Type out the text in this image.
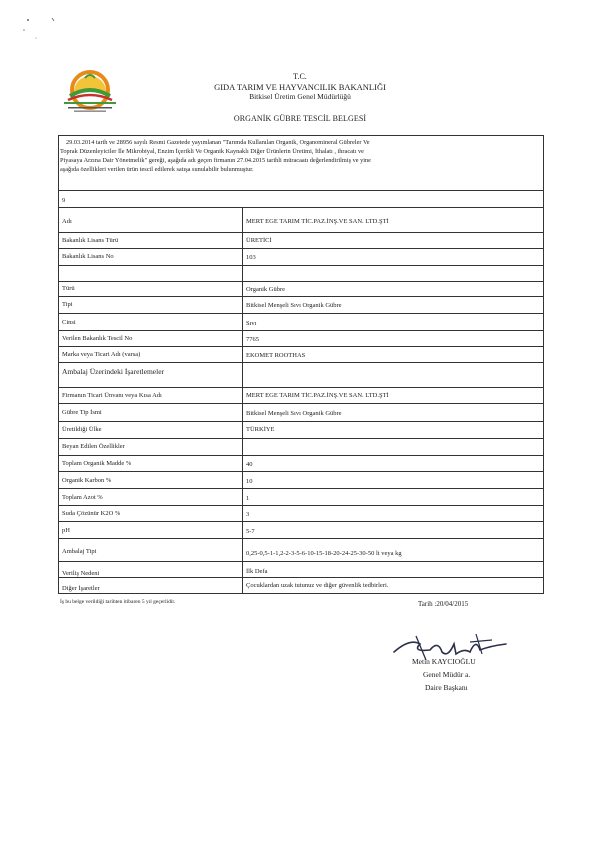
T.C.
GIDA TARIM VE HAYVANCILIK BAKANLIĞI
Bitkisel Üretim Genel Müdürlüğü
ORGANİK GÜBRE TESCİL BELGESİ

29.03.2014 tarih ve 28956 sayılı Resmi Gazetede yayımlanan "Tarımda Kullanılan Organik, Organomineral Gübreler Ve

Toprak Düzenleyiciler İle Mikrobiyal, Enzim İçerikli Ve Organik Kaynaklı Diğer Ürünlerin Üretimi, İthalatı , ihracatı ve
Piyasaya Arzına Dair Yönetmelik" gereği, aşağıda adı geçen firmanın 27.04.2015 tarihli müracaatı değerlendirilmiş ve yine
aşağıda özellikleri verilen ürün tescil edilerek satışa sunulabilir bulunmuştur.
9
Adı	MERT EGE TARIM TİC.PAZ.İNŞ.VE SAN. LTD.ŞTİ
Bakanlık Lisans Türü	ÜRETİCİ
Bakanlık Lisans No	103
Türü	Organik Gübre
Tipi	Bitkisel Menşeli Sıvı Organik Gübre
Cinsi	Sıvı
Verilen Bakanlık Tescil No	7765
Marka veya Ticari Adı (varsa)	EKOMET ROOTHAS
Ambalaj Üzerindeki İşaretlemeler
Firmanın Ticari Ünvanı veya Kısa Adı	MERT EGE TARIM TİC.PAZ.İNŞ.VE SAN. LTD.ŞTİ
Gübre Tip İsmi	Bitkisel Menşeli Sıvı Organik Gübre
Üretildiği Ülke	TÜRKİYE
Beyan Edilen Özellikler
Toplam Organik Madde %	40
Organik Karbon %	10
Toplam Azot %	1
Suda Çözünür K2O %	3
pH	5-7
Ambalaj Tipi	0,25-0,5-1-1,2-2-3-5-6-10-15-18-20-24-25-30-50 lt veya kg
Veriliş Nedeni	İlk Defa
Diğer İşaretler	Çocuklardan uzak tutunuz ve diğer güvenlik tedbirleri.
İş bu belge verildiği tarihten itibaren 5 yıl geçerlidir.	Tarih :20/04/2015
Metin KAYCIOĞLU
Genel Müdür a.
Daire Başkanı
